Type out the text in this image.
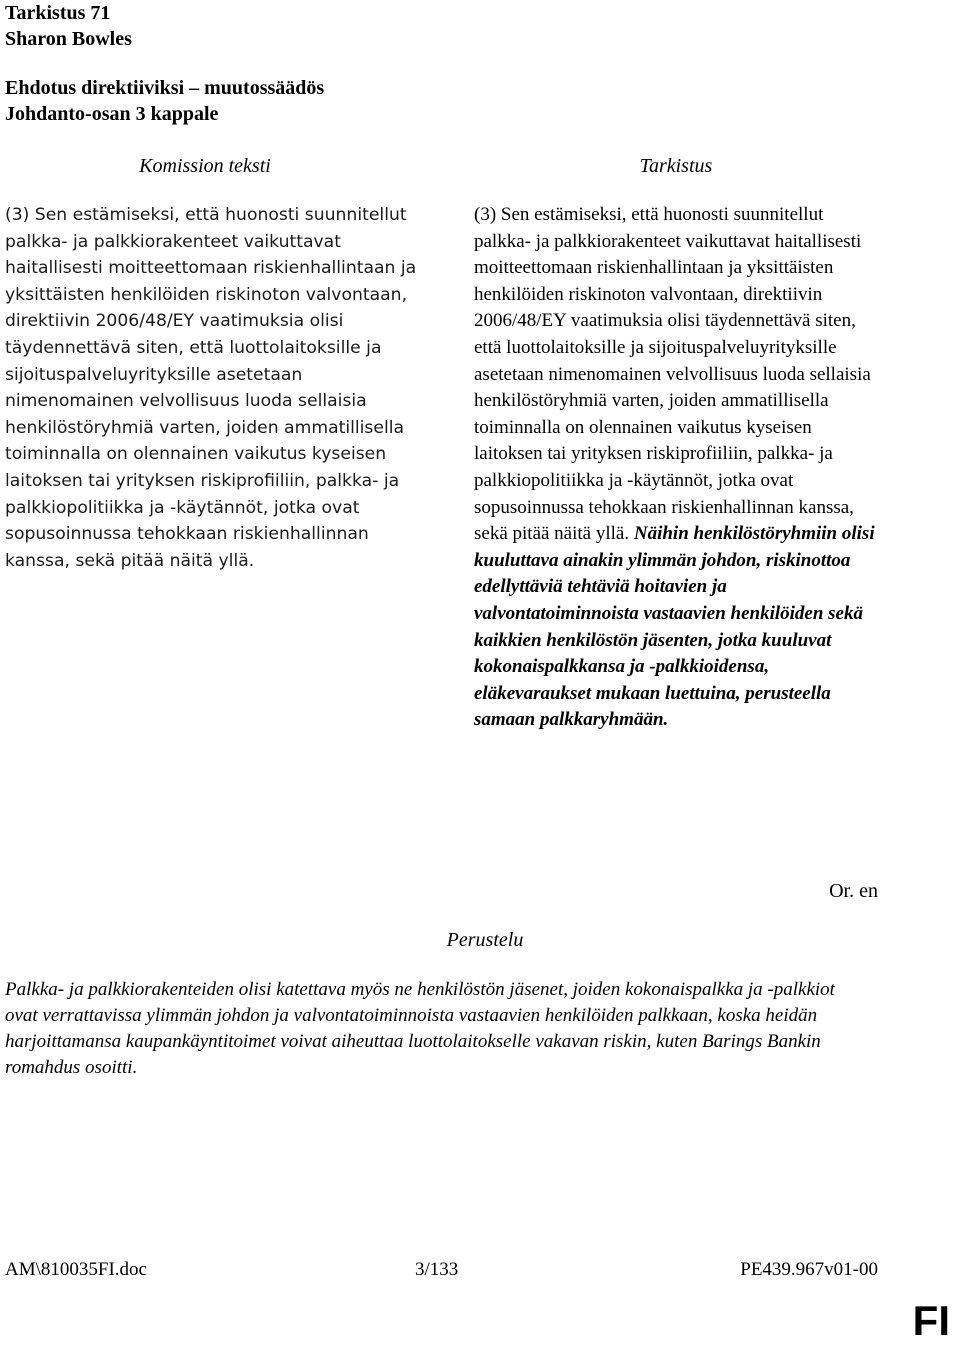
Tarkistus 71

Sharon Bowles

Ehdotus direktiiviksi – muutossäädös

Johdanto-osan 3 kappale

Komission teksti	Tarkistus

(3) Sen estämiseksi, että huonosti suunnitellut palkka- ja palkkiorakenteet vaikuttavat haitallisesti moitteettomaan riskienhallintaan ja yksittäisten henkilöiden riskinoton valvontaan, direktiivin 2006/48/EY vaatimuksia olisi täydennettävä siten, että luottolaitoksille ja sijoituspalveluyrityksille asetetaan nimenomainen velvollisuus luoda sellaisia henkilöstöryhmiä varten, joiden ammatillisella toiminnalla on olennainen vaikutus kyseisen laitoksen tai yrityksen riskiprofiiliin, palkka- ja palkkiopolitiikka ja -käytännöt, jotka ovat sopusoinnussa tehokkaan riskienhallinnan kanssa, sekä pitää näitä yllä.

(3) Sen estämiseksi, että huonosti suunnitellut palkka- ja palkkiorakenteet vaikuttavat haitallisesti moitteettomaan riskienhallintaan ja yksittäisten henkilöiden riskinoton valvontaan, direktiivin 2006/48/EY vaatimuksia olisi täydennettävä siten, että luottolaitoksille ja sijoituspalveluyrityksille asetetaan nimenomainen velvollisuus luoda sellaisia henkilöstöryhmiä varten, joiden ammatillisella toiminnalla on olennainen vaikutus kyseisen laitoksen tai yrityksen riskiprofiiliin, palkka- ja palkkiopolitiikka ja -käytännöt, jotka ovat sopusoinnussa tehokkaan riskienhallinnan kanssa, sekä pitää näitä yllä. Näihin henkilöstöryhmiin olisi kuuluttava ainakin ylimmän johdon, riskinottoa edellyttäviä tehtäviä hoitavien ja valvontatoiminnoista vastaavien henkilöiden sekä kaikkien henkilöstön jäsenten, jotka kuuluvat kokonaispalkkansa ja -palkkioidensa, eläkevaraukset mukaan luettuina, perusteella samaan palkkaryhmään.

Or. en
Perustelu

Palkka- ja palkkiorakenteiden olisi katettava myös ne henkilöstön jäsenet, joiden kokonaispalkka ja -palkkiot ovat verrattavissa ylimmän johdon ja valvontatoiminnoista vastaavien henkilöiden palkkaan, koska heidän harjoittamansa kaupankäyntitoimet voivat aiheuttaa luottolaitokselle vakavan riskin, kuten Barings Bankin romahdus osoitti.

AM\810035FI.doc	3/133	PE439.967v01-00
FI
